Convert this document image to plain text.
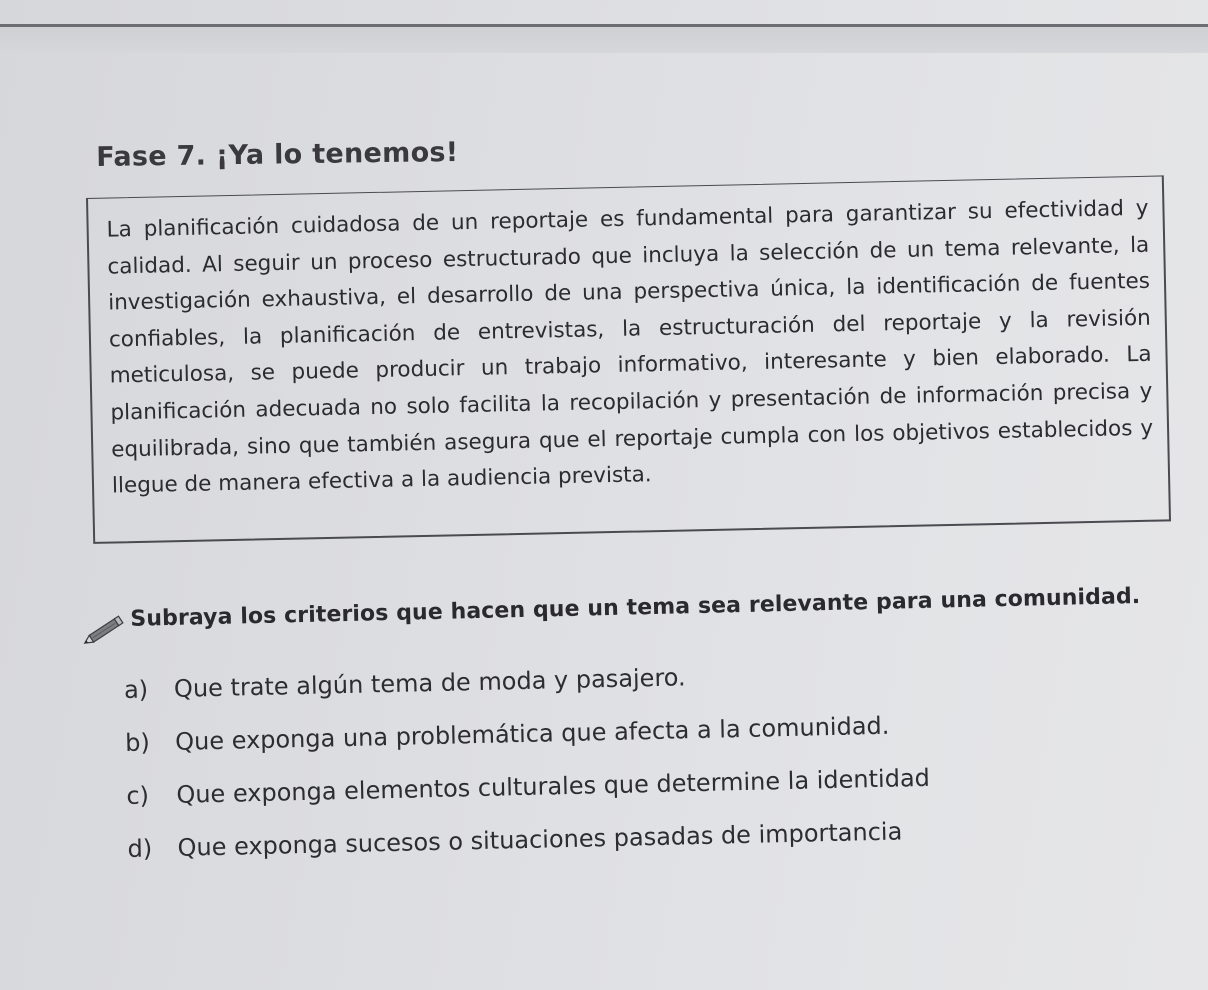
Fase 7. ¡Ya lo tenemos!

La planificación cuidadosa de un reportaje es fundamental para garantizar su efectividad y calidad. Al seguir un proceso estructurado que incluya la selección de un tema relevante, la investigación exhaustiva, el desarrollo de una perspectiva única, la identificación de fuentes confiables, la planificación de entrevistas, la estructuración del reportaje y la revisión meticulosa, se puede producir un trabajo informativo, interesante y bien elaborado. La planificación adecuada no solo facilita la recopilación y presentación de información precisa y equilibrada, sino que también asegura que el reportaje cumpla con los objetivos establecidos y llegue de manera efectiva a la audiencia prevista.

Subraya los criterios que hacen que un tema sea relevante para una comunidad.
a)	Que trate algún tema de moda y pasajero.
b)	Que exponga una problemática que afecta a la comunidad.
c)	Que exponga elementos culturales que determine la identidad
d)	Que exponga sucesos o situaciones pasadas de importancia
